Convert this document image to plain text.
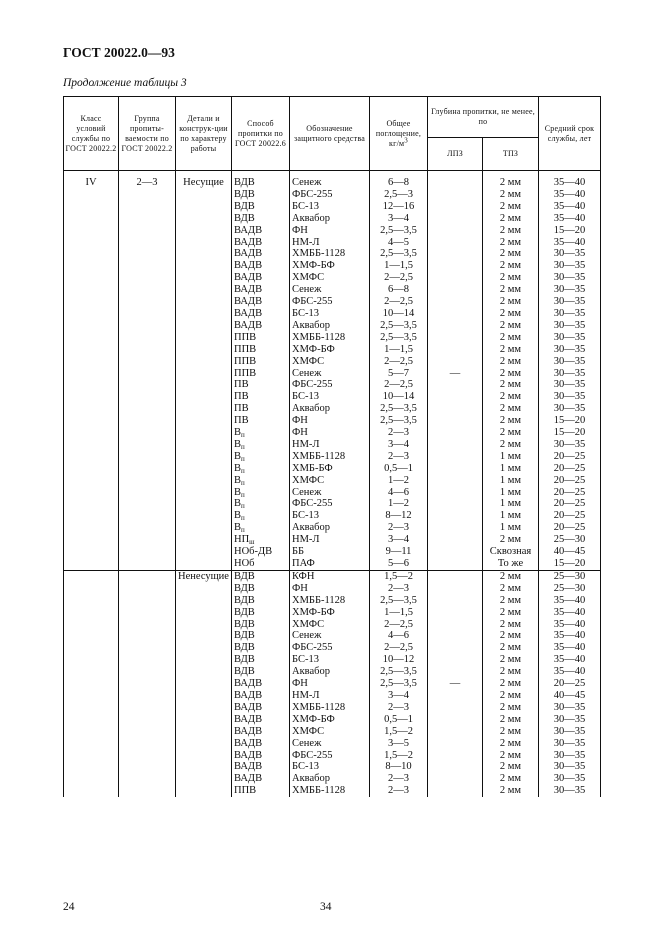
ГОСТ 20022.0—93
Продолжение таблицы 3
Класс условий службы по ГОСТ 20022.2	Группа пропиты-ваемости по ГОСТ 20022.2	Детали и конструк-ции по характеру работы	Способ пропитки по ГОСТ 20022.6	Обозначение защитного средства	Общее поглощение, $кг/м^3$	Глубина пропитки, не менее, по		Средний срок службы, лет
						ЛПЗ	ТПЗ	

IV	2—3	Несущие	ВДВ	Сенеж	6—8		2 мм	35—40
			ВДВ	ФБС-255	2,5—3		2 мм	35—40
			ВДВ	БС-13	12—16		2 мм	35—40
			ВДВ	Аквабор	3—4		2 мм	35—40
			ВАДВ	ФН	2,5—3,5		2 мм	15—20
			ВАДВ	НМ-Л	4—5		2 мм	35—40
			ВАДВ	ХМББ-1128	2,5—3,5		2 мм	30—35
			ВАДВ	ХМФ-БФ	1—1,5		2 мм	30—35
			ВАДВ	ХМФС	2—2,5		2 мм	30—35
			ВАДВ	Сенеж	6—8		2 мм	30—35
			ВАДВ	ФБС-255	2—2,5		2 мм	30—35
			ВАДВ	БС-13	10—14		2 мм	30—35
			ВАДВ	Аквабор	2,5—3,5		2 мм	30—35
			ППВ	ХМББ-1128	2,5—3,5		2 мм	30—35
			ППВ	ХМФ-БФ	1—1,5		2 мм	30—35
			ППВ	ХМФС	2—2,5		2 мм	30—35
			ППВ	Сенеж	5—7	—	2 мм	30—35
			ПВ	ФБС-255	2—2,5		2 мм	30—35
			ПВ	БС-13	10—14		2 мм	30—35
			ПВ	Аквабор	2,5—3,5		2 мм	30—35
			ПВ	ФН	2,5—3,5		2 мм	15—20
			$В_п$	ФН	2—3		2 мм	15—20
			$В_п$	НМ-Л	3—4		2 мм	30—35
			$В_п$	ХМББ-1128	2—3		1 мм	20—25
			$В_п$	ХМБ-БФ	0,5—1		1 мм	20—25
			$В_п$	ХМФС	1—2		1 мм	20—25
			$В_п$	Сенеж	4—6		1 мм	20—25
			$В_п$	ФБС-255	1—2		1 мм	20—25
			$В_п$	БС-13	8—12		1 мм	20—25
			$В_п$	Аквабор	2—3		1 мм	20—25
			$НП_ш$	НМ-Л	3—4		2 мм	25—30
			НОб-ДВ	ББ	9—11		Сквозная	40—45
			НОб	ПАФ	5—6		То же	15—20
		Ненесущие	ВДВ	КФН	1,5—2		2 мм	25—30
			ВДВ	ФН	2—3		2 мм	25—30
			ВДВ	ХМББ-1128	2,5—3,5		2 мм	35—40
			ВДВ	ХМФ-БФ	1—1,5		2 мм	35—40
			ВДВ	ХМФС	2—2,5		2 мм	35—40
			ВДВ	Сенеж	4—6		2 мм	35—40
			ВДВ	ФБС-255	2—2,5		2 мм	35—40
			ВДВ	БС-13	10—12		2 мм	35—40
			ВДВ	Аквабор	2,5—3,5		2 мм	35—40
			ВАДВ	ФН	2,5—3,5	—	2 мм	20—25
			ВАДВ	НМ-Л	3—4		2 мм	40—45
			ВАДВ	ХМББ-1128	2—3		2 мм	30—35
			ВАДВ	ХМФ-БФ	0,5—1		2 мм	30—35
			ВАДВ	ХМФС	1,5—2		2 мм	30—35
			ВАДВ	Сенеж	3—5		2 мм	30—35
			ВАДВ	ФБС-255	1,5—2		2 мм	30—35
			ВАДВ	БС-13	8—10		2 мм	30—35
			ВАДВ	Аквабор	2—3		2 мм	30—35
			ППВ	ХМББ-1128	2—3		2 мм	30—35
24	34
